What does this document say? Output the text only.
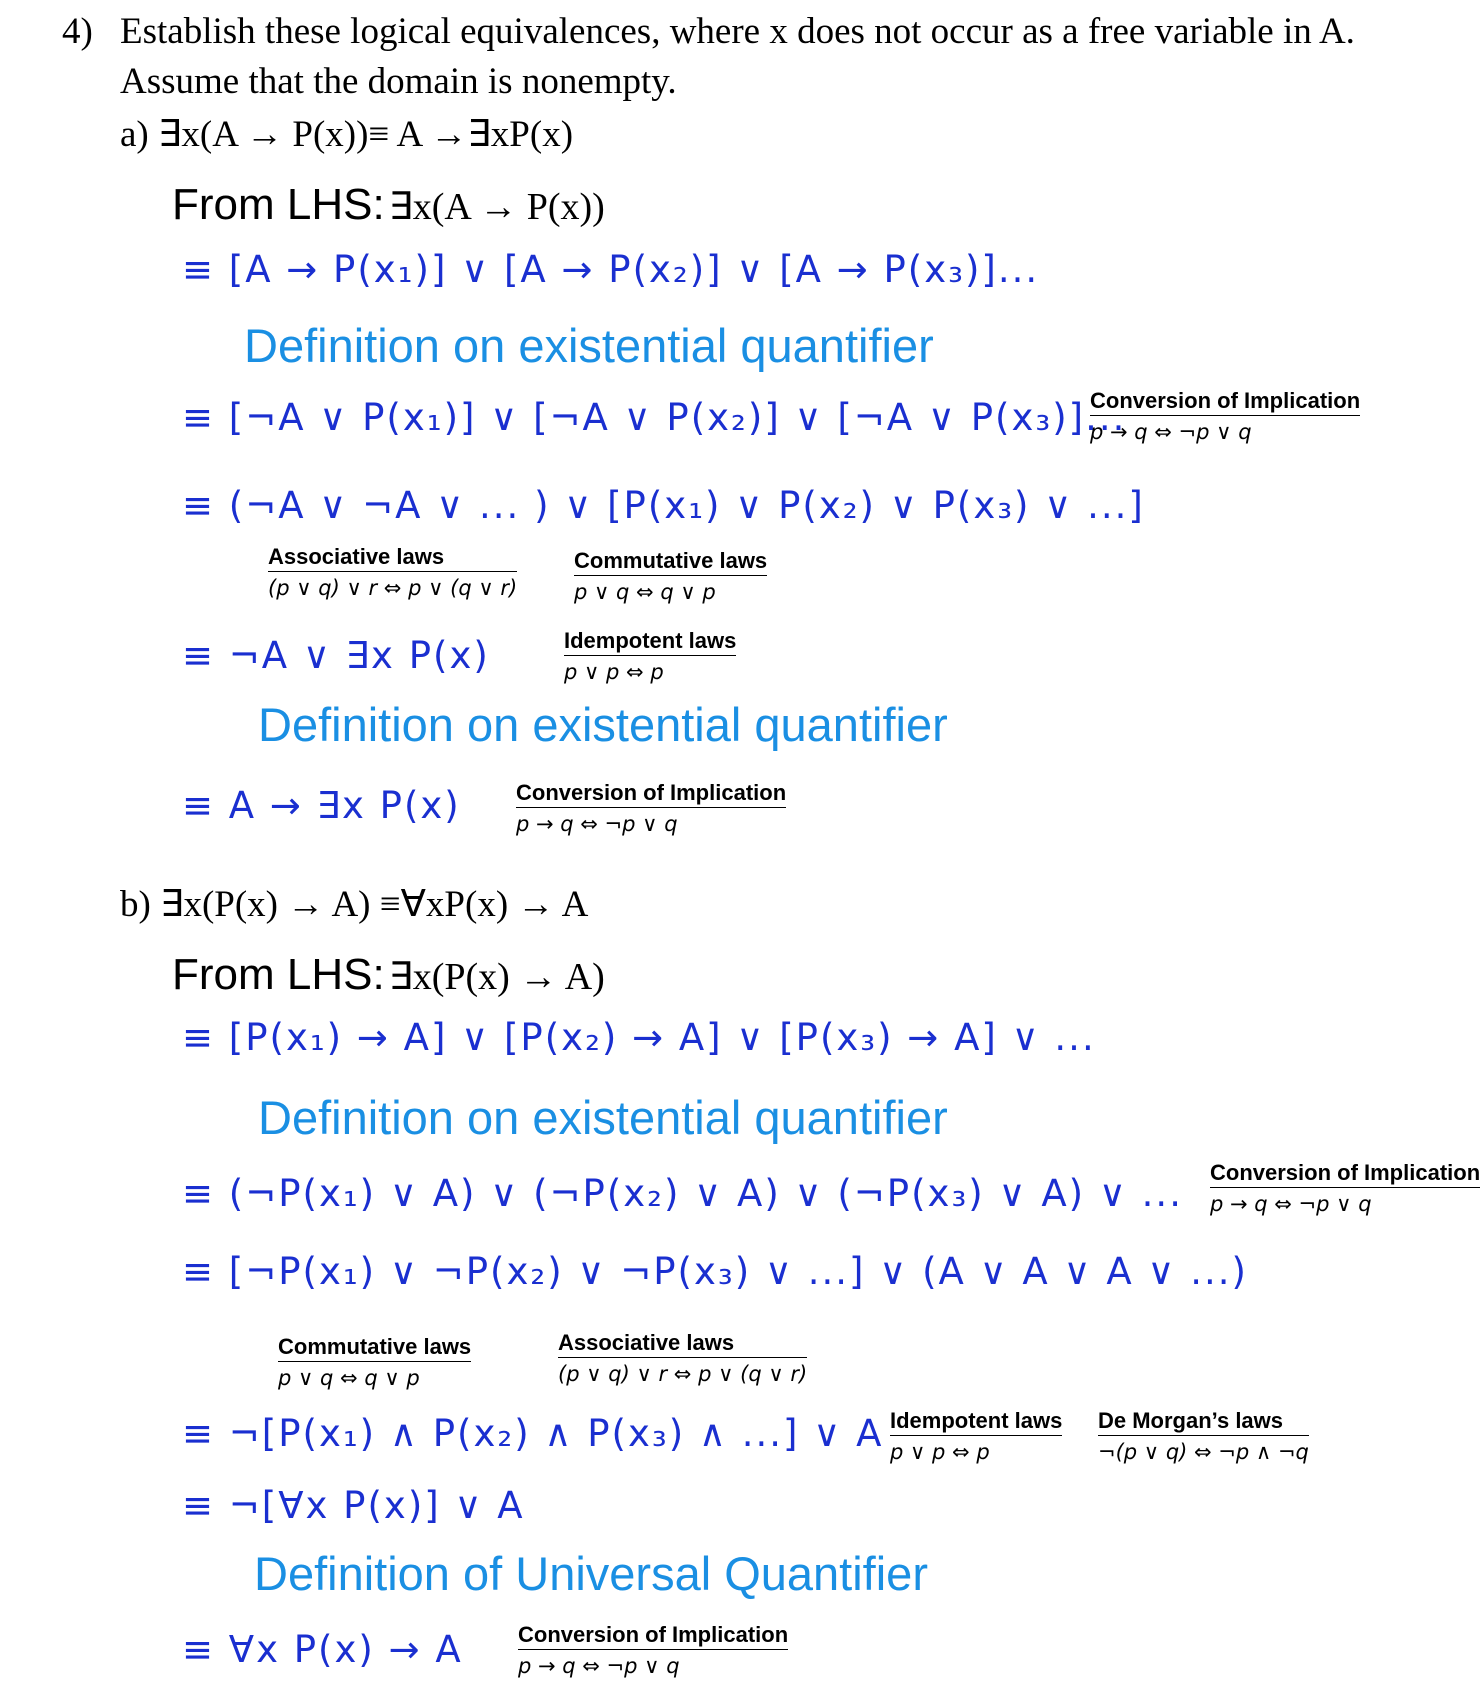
4) Establish these logical equivalences, where x does not occur as a free variable in A.
Assume that the domain is nonempty.
a) ∃x(A → P(x))≡ A →∃xP(x)
From LHS: ∃x(A → P(x))
≡ [A → P(x₁)] ∨ [A → P(x₂)] ∨ [A → P(x₃)]...
Definition on existential quantifier
≡ [¬A ∨ P(x₁)] ∨ [¬A ∨ P(x₂)] ∨ [¬A ∨ P(x₃)]...
Conversion of Implication
p → q ⇔ ¬p ∨ q
≡ (¬A ∨ ¬A ∨ ... ) ∨ [P(x₁) ∨ P(x₂) ∨ P(x₃) ∨ ...]
Associative laws
(p ∨ q) ∨ r ⇔ p ∨ (q ∨ r)
Commutative laws
p ∨ q ⇔ q ∨ p
≡ ¬A ∨ ∃x P(x)	Idempotent laws
p ∨ p ⇔ p
Definition on existential quantifier
≡ A → ∃x P(x)	Conversion of Implication
p → q ⇔ ¬p ∨ q
b) ∃x(P(x) → A) ≡∀xP(x) → A
From LHS: ∃x(P(x) → A)
≡ [P(x₁) → A] ∨ [P(x₂) → A] ∨ [P(x₃) → A] ∨ ...
Definition on existential quantifier
≡ (¬P(x₁) ∨ A) ∨ (¬P(x₂) ∨ A) ∨ (¬P(x₃) ∨ A) ∨ ... Conversion of Implication
p → q ⇔ ¬p ∨ q
≡ [¬P(x₁) ∨ ¬P(x₂) ∨ ¬P(x₃) ∨ ...] ∨ (A ∨ A ∨ A ∨ ...)
Commutative laws
p ∨ q ⇔ q ∨ p
Associative laws
(p ∨ q) ∨ r ⇔ p ∨ (q ∨ r)
≡ ¬[P(x₁) ∧ P(x₂) ∧ P(x₃) ∧ ...] ∨ A Idempotent laws
p ∨ p ⇔ p
De Morgan’s laws
¬(p ∨ q) ⇔ ¬p ∧ ¬q
≡ ¬[∀x P(x)] ∨ A
Definition of Universal Quantifier
≡ ∀x P(x) → A	Conversion of Implication
p → q ⇔ ¬p ∨ q
